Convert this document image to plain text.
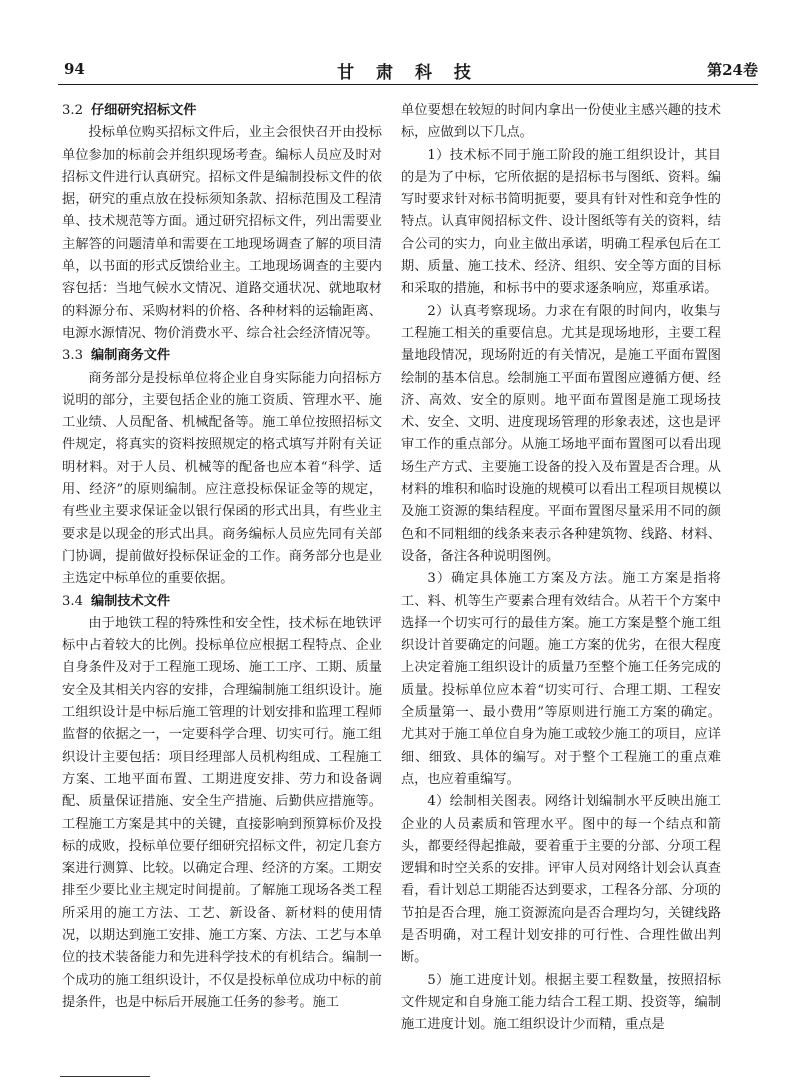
94	甘 肃 科 技	第24卷
3.2 仔细研究招标文件

投标单位购买招标文件后，业主会很快召开由投标单位参加的标前会并组织现场考查。编标人员应及时对招标文件进行认真研究。招标文件是编制投标文件的依据，研究的重点放在投标须知条款、招标范围及工程清单、技术规范等方面。通过研究招标文件，列出需要业主解答的问题清单和需要在工地现场调查了解的项目清单，以书面的形式反馈给业主。工地现场调查的主要内容包括：当地气候水文情况、道路交通状况、就地取材的料源分布、采购材料的价格、各种材料的运输距离、电源水源情况、物价消费水平、综合社会经济情况等。

3.3 编制商务文件

商务部分是投标单位将企业自身实际能力向招标方说明的部分，主要包括企业的施工资质、管理水平、施工业绩、人员配备、机械配备等。施工单位按照招标文件规定，将真实的资料按照规定的格式填写并附有关证明材料。对于人员、机械等的配备也应本着“科学、适用、经济”的原则编制。应注意投标保证金等的规定，有些业主要求保证金以银行保函的形式出具，有些业主要求是以现金的形式出具。商务编标人员应先同有关部门协调，提前做好投标保证金的工作。商务部分也是业主选定中标单位的重要依据。

3.4 编制技术文件

由于地铁工程的特殊性和安全性，技术标在地铁评标中占着较大的比例。投标单位应根据工程特点、企业自身条件及对于工程施工现场、施工工序、工期、质量安全及其相关内容的安排，合理编制施工组织设计。施工组织设计是中标后施工管理的计划安排和监理工程师监督的依据之一，一定要科学合理、切实可行。施工组织设计主要包括：项目经理部人员机构组成、工程施工方案、工地平面布置、工期进度安排、劳力和设备调配、质量保证措施、安全生产措施、后勤供应措施等。工程施工方案是其中的关键，直接影响到预算标价及投标的成败，投标单位要仔细研究招标文件，初定几套方案进行测算、比较。以确定合理、经济的方案。工期安排至少要比业主规定时间提前。了解施工现场各类工程所采用的施工方法、工艺、新设备、新材料的使用情况，以期达到施工安排、施工方案、方法、工艺与本单位的技术装备能力和先进科学技术的有机结合。编制一个成功的施工组织设计，不仅是投标单位成功中标的前提条件，也是中标后开展施工任务的参考。施工

单位要想在较短的时间内拿出一份使业主感兴趣的技术标，应做到以下几点。

1）技术标不同于施工阶段的施工组织设计，其目的是为了中标，它所依据的是招标书与图纸、资料。编写时要求针对标书简明扼要，要具有针对性和竞争性的特点。认真审阅招标文件、设计图纸等有关的资料，结合公司的实力，向业主做出承诺，明确工程承包后在工期、质量、施工技术、经济、组织、安全等方面的目标和采取的措施，和标书中的要求逐条响应，郑重承诺。

2）认真考察现场。力求在有限的时间内，收集与工程施工相关的重要信息。尤其是现场地形，主要工程量地段情况，现场附近的有关情况，是施工平面布置图绘制的基本信息。绘制施工平面布置图应遵循方便、经济、高效、安全的原则。地平面布置图是施工现场技术、安全、文明、进度现场管理的形象表述，这也是评审工作的重点部分。从施工场地平面布置图可以看出现场生产方式、主要施工设备的投入及布置是否合理。从材料的堆积和临时设施的规模可以看出工程项目规模以及施工资源的集结程度。平面布置图尽量采用不同的颜色和不同粗细的线条来表示各种建筑物、线路、材料、设备，备注各种说明图例。

3）确定具体施工方案及方法。施工方案是指将工、料、机等生产要素合理有效结合。从若干个方案中选择一个切实可行的最佳方案。施工方案是整个施工组织设计首要确定的问题。施工方案的优劣，在很大程度上决定着施工组织设计的质量乃至整个施工任务完成的质量。投标单位应本着“切实可行、合理工期、工程安全质量第一、最小费用”等原则进行施工方案的确定。尤其对于施工单位自身为施工或较少施工的项目，应详细、细致、具体的编写。对于整个工程施工的重点难点，也应着重编写。

4）绘制相关图表。网络计划编制水平反映出施工企业的人员素质和管理水平。图中的每一个结点和箭头，都要经得起推敲，要着重于主要的分部、分项工程逻辑和时空关系的安排。评审人员对网络计划会认真查看，看计划总工期能否达到要求，工程各分部、分项的节拍是否合理，施工资源流向是否合理均匀，关键线路是否明确，对工程计划安排的可行性、合理性做出判断。

5）施工进度计划。根据主要工程数量，按照招标文件规定和自身施工能力结合工程工期、投资等，编制施工进度计划。施工组织设计少而精，重点是
